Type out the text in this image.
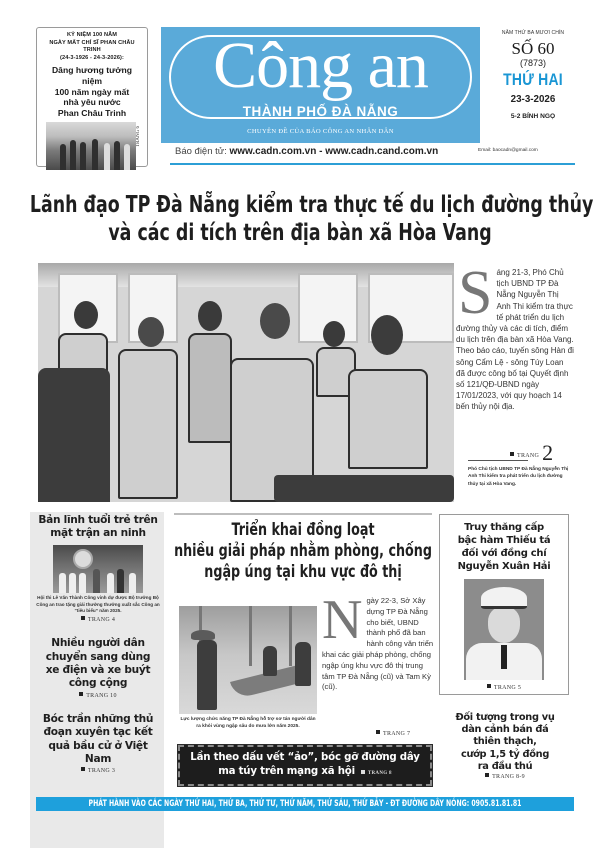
KỶ NIỆM 100 NĂM
NGÀY MẤT CHÍ SĨ PHAN CHÂU TRINH
(24-3-1926 - 24-3-2026):
Dâng hương tưởng niệm
100 năm ngày mất
nhà yêu nước
Phan Châu Trinh
TRANG 6
Công an
THÀNH PHỐ ĐÀ NẴNG
CHUYÊN ĐỀ CỦA BÁO CÔNG AN NHÂN DÂN
Báo điện tử: www.cadn.com.vn - www.cadn.cand.com.vn	Email: baocadn@gmail.com
NĂM THỨ BA MƯƠI CHÍN
SỐ 60
(7873)
THỨ HAI
23-3-2026
5-2 BÍNH NGỌ
Lãnh đạo TP Đà Nẵng kiểm tra thực tế du lịch đường thủy
và các di tích trên địa bàn xã Hòa Vang
S áng 21-3, Phó Chủ tịch UBND TP Đà Nẵng Nguyễn Thị Anh Thi kiểm tra thực tế phát triển du lịch đường thủy và các di tích, điểm du lịch trên địa bàn xã Hòa Vang. Theo báo cáo, tuyến sông Hàn đi sông Cẩm Lệ - sông Túy Loan đã được công bố tại Quyết định số 121/QĐ-UBND ngày 17/01/2023, với quy hoạch 14 bến thủy nội địa.
TRANG 2
Phó Chủ tịch UBND TP Đà Nẵng Nguyễn Thị Anh Thi kiểm tra phát triển du lịch đường thủy tại xã Hòa Vang.
Bản lĩnh tuổi trẻ trên mặt trận an ninh
Hội thi Lê Văn Thành Công vinh dự được Bộ trưởng Bộ Công an trao tặng giải thưởng thưởng xuất sắc Công an “tiêu biểu” năm 2025.
TRANG 4
Nhiều người dân chuyển sang dùng xe điện và xe buýt công cộng
TRANG 10
Bóc trần những thủ đoạn xuyên tạc kết quả bầu cử ở Việt Nam
TRANG 3
Triển khai đồng loạt
nhiều giải pháp nhằm phòng, chống
ngập úng tại khu vực đô thị
Lực lượng chức năng TP Đà Nẵng hỗ trợ sơ tán người dân ra khỏi vùng ngập sâu do mưa lớn năm 2025.
N gày 22-3, Sở Xây dựng TP Đà Nẵng cho biết, UBND thành phố đã ban hành công văn triển khai các giải pháp phòng, chống ngập úng khu vực đô thị trung tâm TP Đà Nẵng (cũ) và Tam Kỳ (cũ).
TRANG 7
Lần theo dấu vết “ảo”, bóc gỡ đường dây
ma túy trên mạng xã hội	TRANG 8
Truy thăng cấp
bậc hàm Thiếu tá
đối với đồng chí
Nguyễn Xuân Hải
TRANG 5
Đối tượng trong vụ
dàn cảnh bán đá
thiên thạch,
cướp 1,5 tỷ đồng
ra đầu thú
TRANG 8-9
PHÁT HÀNH VÀO CÁC NGÀY THỨ HAI, THỨ BA, THỨ TƯ, THỨ NĂM, THỨ SÁU, THỨ BẢY - ĐT ĐƯỜNG DÂY NÓNG: 0905.81.81.81
